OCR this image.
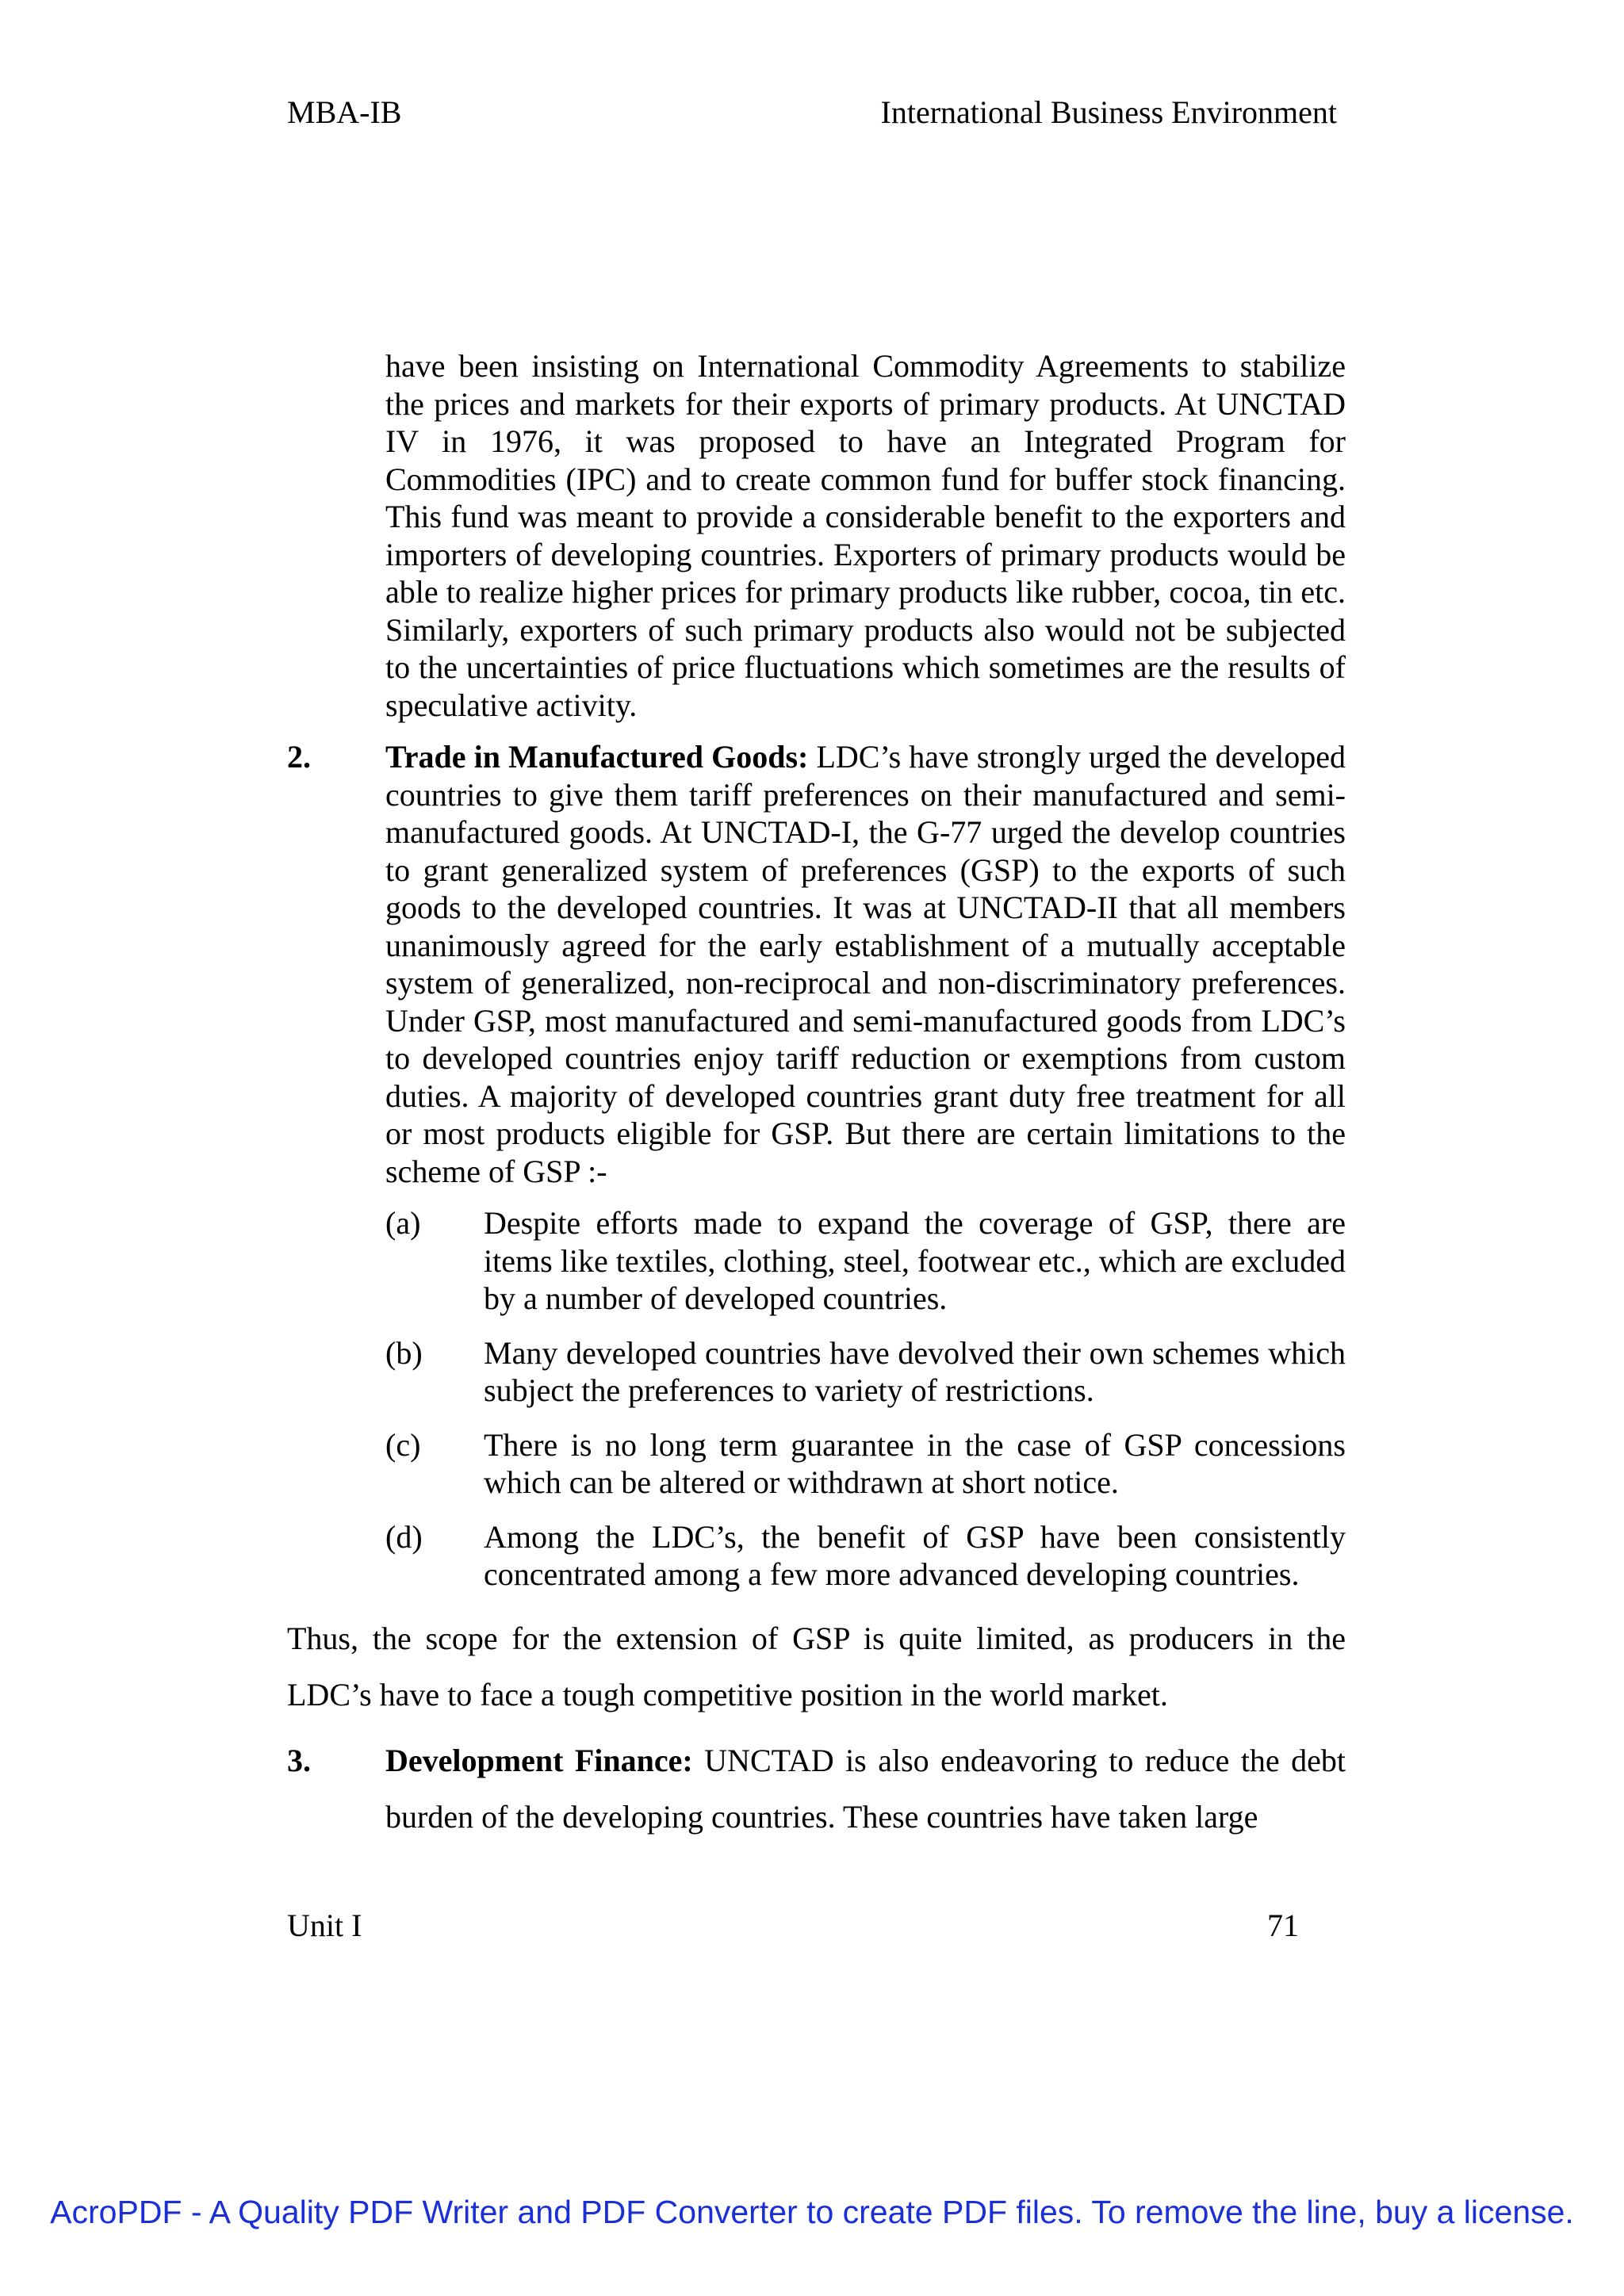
MBA-IB	International Business Environment

have been insisting on International Commodity Agreements to stabilize the prices and markets for their exports of primary products. At UNCTAD IV in 1976, it was proposed to have an Integrated Program for Commodities (IPC) and to create common fund for buffer stock financing. This fund was meant to provide a considerable benefit to the exporters and importers of developing countries. Exporters of primary products would be able to realize higher prices for primary products like rubber, cocoa, tin etc. Similarly, exporters of such primary products also would not be subjected to the uncertainties of price fluctuations which sometimes are the results of speculative activity.

2.	Trade in Manufactured Goods: LDC’s have strongly urged the developed countries to give them tariff preferences on their manufactured and semi-manufactured goods. At UNCTAD-I, the G-77 urged the develop countries to grant generalized system of preferences (GSP) to the exports of such goods to the developed countries. It was at UNCTAD-II that all members unanimously agreed for the early establishment of a mutually acceptable system of generalized, non-reciprocal and non-discriminatory preferences. Under GSP, most manufactured and semi-manufactured goods from LDC’s to developed countries enjoy tariff reduction or exemptions from custom duties. A majority of developed countries grant duty free treatment for all or most products eligible for GSP. But there are certain limitations to the scheme of GSP :-
(a)	Despite efforts made to expand the coverage of GSP, there are items like textiles, clothing, steel, footwear etc., which are excluded by a number of developed countries.
(b)	Many developed countries have devolved their own schemes which subject the preferences to variety of restrictions.
(c)	There is no long term guarantee in the case of GSP concessions which can be altered or withdrawn at short notice.
(d)	Among the LDC’s, the benefit of GSP have been consistently concentrated among a few more advanced developing countries.

Thus, the scope for the extension of GSP is quite limited, as producers in the LDC’s have to face a tough competitive position in the world market.

3.	Development Finance: UNCTAD is also endeavoring to reduce the debt burden of the developing countries. These countries have taken large
Unit I	71
AcroPDF - A Quality PDF Writer and PDF Converter to create PDF files. To remove the line, buy a license.
